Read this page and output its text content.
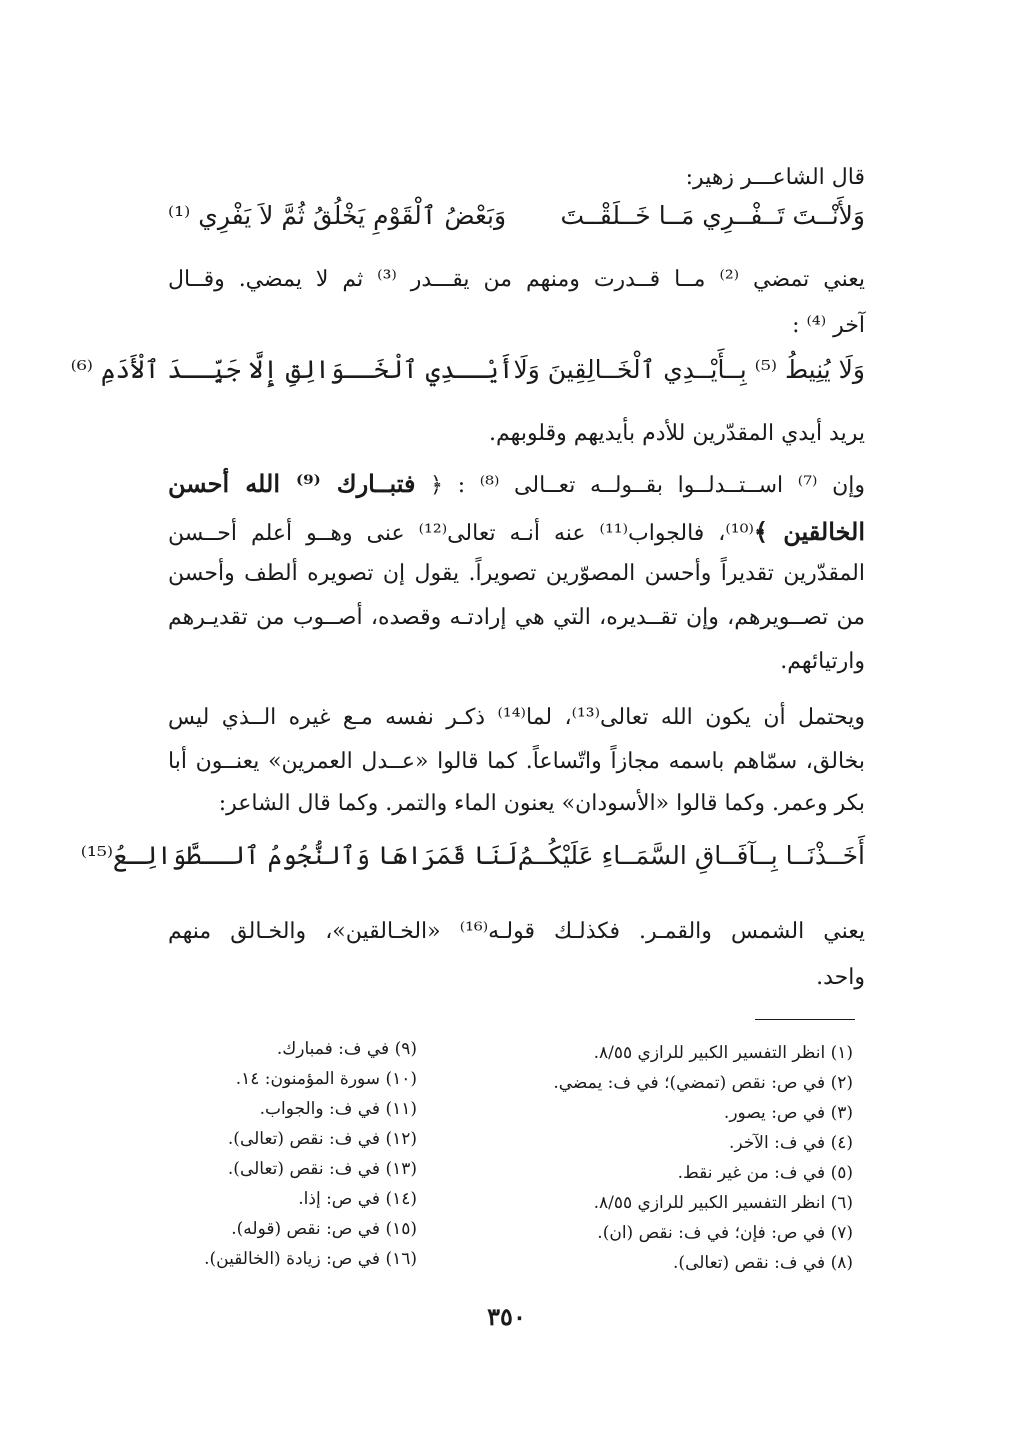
قال الشاعـــر زهير:
وَلأَنْــتَ تَــفْــرِي مَــا خَــلَقْــتَ
وَبَعْضُ ٱلْقَوْمِ يَخْلُقُ ثُمَّ لاَ يَفْرِي ⁽¹⁾
يعني تمضي ⁽²⁾ مــا قــدرت ومنهم من يقـــدر ⁽³⁾ ثم لا يمضي. وقــال
آخر ⁽⁴⁾ :
وَلَا يُنِيطُ ⁽⁵⁾ بِــأَيْــدِي ٱلْخَــالِقِينَ وَلَا
أَيْــدِي ٱلْخَــوَالِقِ إِلَّا جَيِّــدَ ٱلْأَدَمِ ⁽⁶⁾
يريد أيدي المقدّرين للأدم بأيديهم وقلوبهم.
وإن ⁽⁷⁾ اســتــدلــوا بقــولــه تعــالى ⁽⁸⁾ : ﴿ فتبــارك ⁽⁹⁾ الله أحسن
الخالقين ﴾⁽¹⁰⁾، فالجواب⁽¹¹⁾ عنه أنـه تعالى⁽¹²⁾ عنى وهــو أعلم أحــسن
المقدّرين تقديراً وأحسن المصوّرين تصويراً. يقول إن تصويره ألطف وأحسن
من تصــويرهم، وإن تقــديره، التي هي إرادتـه وقصده، أصــوب من تقديـرهم
وارتيائهم.
ويحتمل أن يكون الله تعالى⁽¹³⁾، لما⁽¹⁴⁾ ذكـر نفسه مـع غيره الــذي ليس
بخالق، سمّاهم باسمه مجازاً واتّساعاً. كما قالوا «عــدل العمرين» يعنــون أبا
بكر وعمر. وكما قالوا «الأسودان» يعنون الماء والتمر. وكما قال الشاعر:
أَخَــذْنَــا بِــآفَــاقِ السَّمَــاءِ عَلَيْكُــمُ
لَنَا قَمَرَاهَا وَٱلنُّجُومُ ٱلــطَّوَالِـعُ⁽¹⁵⁾
يعني الشمس والقمـر. فكذلـك قولـه⁽¹⁶⁾ «الخـالقين»، والخـالق منهم
واحد.
(١) انظر التفسير الكبير للرازي ٨/٥٥.
(٢) في ص: نقص (تمضي)؛ في ف: يمضي.
(٣) في ص: يصور.
(٤) في ف: الآخر.
(٥) في ف: من غير نقط.
(٦) انظر التفسير الكبير للرازي ٨/٥٥.
(٧) في ص: فإن؛ في ف: نقص (ان).
(٨) في ف: نقص (تعالى).
(٩) في ف: فمبارك.
(١٠) سورة المؤمنون: ١٤.
(١١) في ف: والجواب.
(١٢) في ف: نقص (تعالى).
(١٣) في ف: نقص (تعالى).
(١٤) في ص: إذا.
(١٥) في ص: نقص (قوله).
(١٦) في ص: زيادة (الخالقين).
٣٥٠
